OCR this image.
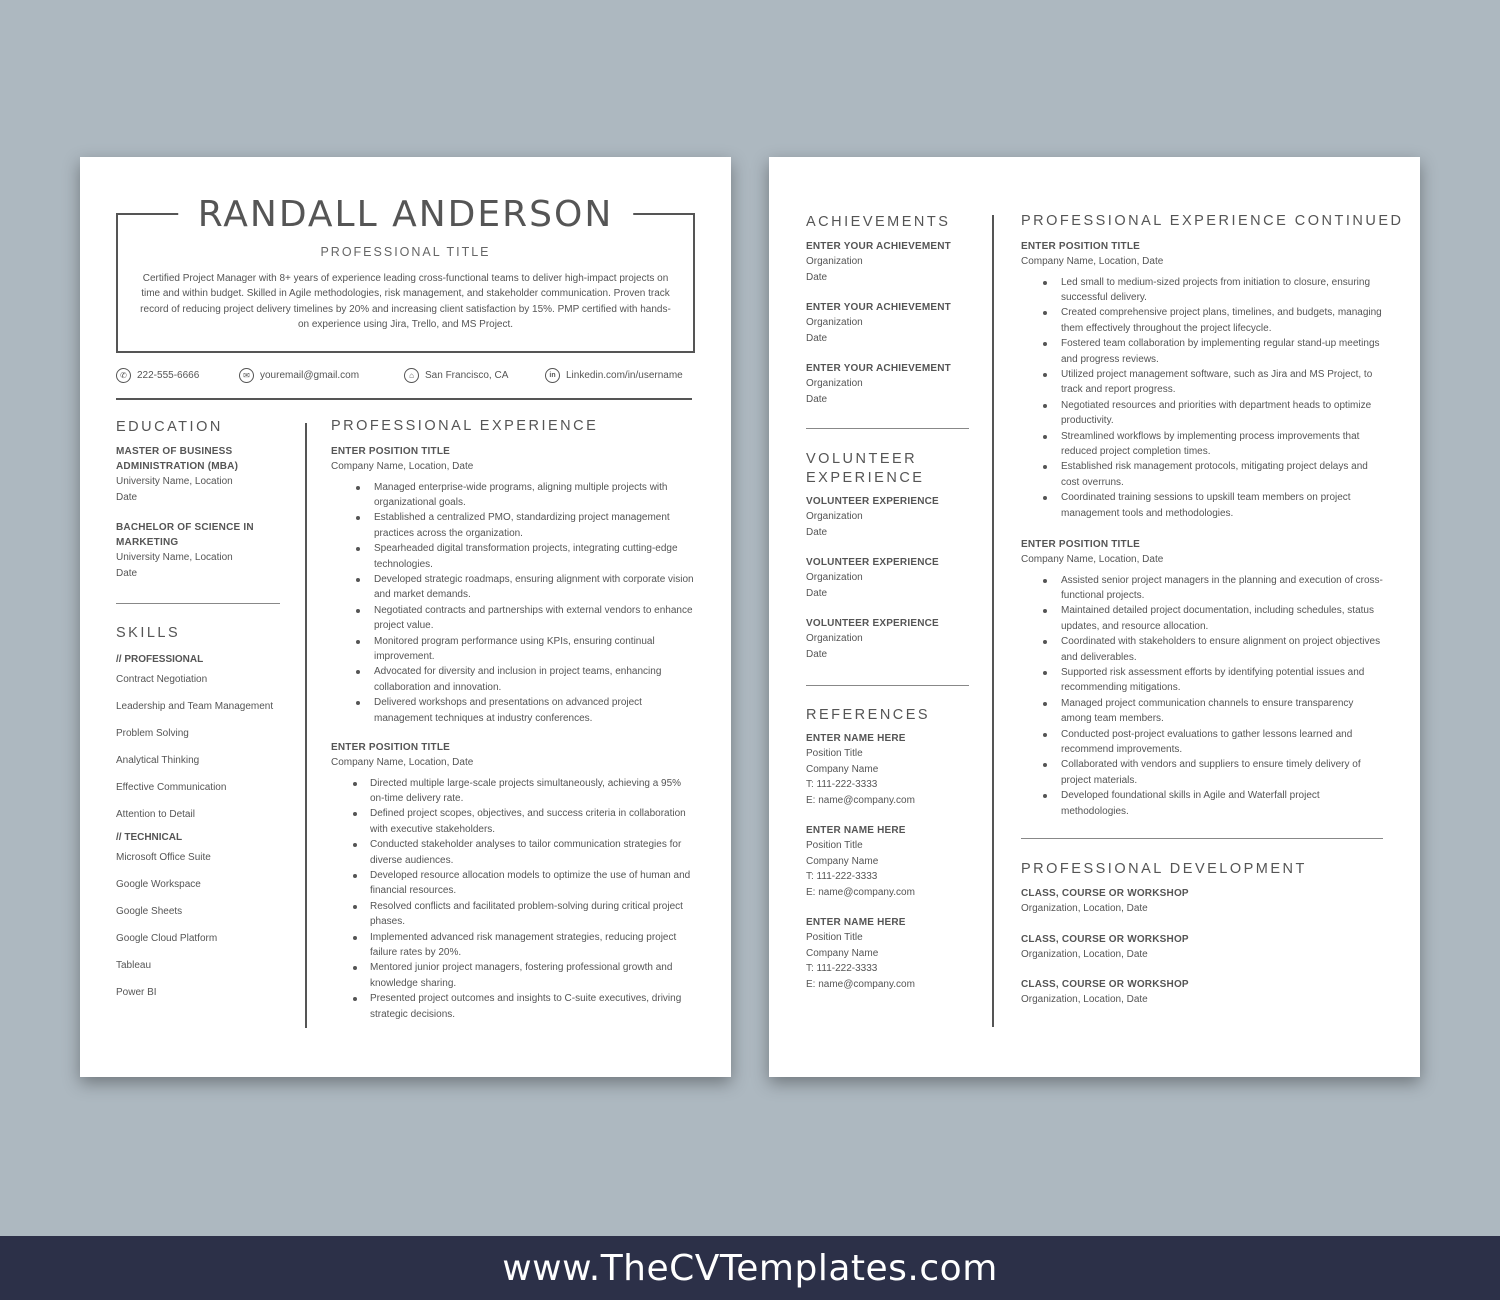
RANDALL ANDERSON
PROFESSIONAL TITLE
Certified Project Manager with 8+ years of experience leading cross-functional teams to deliver high-impact projects on time and within budget. Skilled in Agile methodologies, risk management, and stakeholder communication. Proven track record of reducing project delivery timelines by 20% and increasing client satisfaction by 15%. PMP certified with hands-on experience using Jira, Trello, and MS Project.
✆	222-555-6666	✉	youremail@gmail.com	⌂	San Francisco, CA	in	Linkedin.com/in/username
EDUCATION
MASTER OF BUSINESS ADMINISTRATION (MBA)
University Name, Location
Date
BACHELOR OF SCIENCE IN MARKETING
University Name, Location
Date
SKILLS
// PROFESSIONAL
Contract Negotiation
Leadership and Team Management
Problem Solving
Analytical Thinking
Effective Communication
Attention to Detail
// TECHNICAL
Microsoft Office Suite
Google Workspace
Google Sheets
Google Cloud Platform
Tableau
Power BI
PROFESSIONAL EXPERIENCE
ENTER POSITION TITLE
Company Name, Location, Date
Managed enterprise-wide programs, aligning multiple projects with organizational goals.
Established a centralized PMO, standardizing project management practices across the organization.
Spearheaded digital transformation projects, integrating cutting-edge technologies.
Developed strategic roadmaps, ensuring alignment with corporate vision and market demands.
Negotiated contracts and partnerships with external vendors to enhance project value.
Monitored program performance using KPIs, ensuring continual improvement.
Advocated for diversity and inclusion in project teams, enhancing collaboration and innovation.
Delivered workshops and presentations on advanced project management techniques at industry conferences.
ENTER POSITION TITLE
Company Name, Location, Date
Directed multiple large-scale projects simultaneously, achieving a 95% on-time delivery rate.
Defined project scopes, objectives, and success criteria in collaboration with executive stakeholders.
Conducted stakeholder analyses to tailor communication strategies for diverse audiences.
Developed resource allocation models to optimize the use of human and financial resources.
Resolved conflicts and facilitated problem-solving during critical project phases.
Implemented advanced risk management strategies, reducing project failure rates by 20%.
Mentored junior project managers, fostering professional growth and knowledge sharing.
Presented project outcomes and insights to C-suite executives, driving strategic decisions.
ACHIEVEMENTS
ENTER YOUR ACHIEVEMENT
Organization
Date
ENTER YOUR ACHIEVEMENT
Organization
Date
ENTER YOUR ACHIEVEMENT
Organization
Date
VOLUNTEER
EXPERIENCE
VOLUNTEER EXPERIENCE
Organization
Date
VOLUNTEER EXPERIENCE
Organization
Date
VOLUNTEER EXPERIENCE
Organization
Date
REFERENCES
ENTER NAME HERE
Position Title
Company Name
T: 111-222-3333
E: name@company.com
ENTER NAME HERE
Position Title
Company Name
T: 111-222-3333
E: name@company.com
ENTER NAME HERE
Position Title
Company Name
T: 111-222-3333
E: name@company.com
PROFESSIONAL EXPERIENCE CONTINUED
ENTER POSITION TITLE
Company Name, Location, Date
Led small to medium-sized projects from initiation to closure, ensuring successful delivery.
Created comprehensive project plans, timelines, and budgets, managing them effectively throughout the project lifecycle.
Fostered team collaboration by implementing regular stand-up meetings and progress reviews.
Utilized project management software, such as Jira and MS Project, to track and report progress.
Negotiated resources and priorities with department heads to optimize productivity.
Streamlined workflows by implementing process improvements that reduced project completion times.
Established risk management protocols, mitigating project delays and cost overruns.
Coordinated training sessions to upskill team members on project management tools and methodologies.
ENTER POSITION TITLE
Company Name, Location, Date
Assisted senior project managers in the planning and execution of cross-functional projects.
Maintained detailed project documentation, including schedules, status updates, and resource allocation.
Coordinated with stakeholders to ensure alignment on project objectives and deliverables.
Supported risk assessment efforts by identifying potential issues and recommending mitigations.
Managed project communication channels to ensure transparency among team members.
Conducted post-project evaluations to gather lessons learned and recommend improvements.
Collaborated with vendors and suppliers to ensure timely delivery of project materials.
Developed foundational skills in Agile and Waterfall project methodologies.
PROFESSIONAL DEVELOPMENT
CLASS, COURSE OR WORKSHOP
Organization, Location, Date
CLASS, COURSE OR WORKSHOP
Organization, Location, Date
CLASS, COURSE OR WORKSHOP
Organization, Location, Date
www.TheCVTemplates.com
